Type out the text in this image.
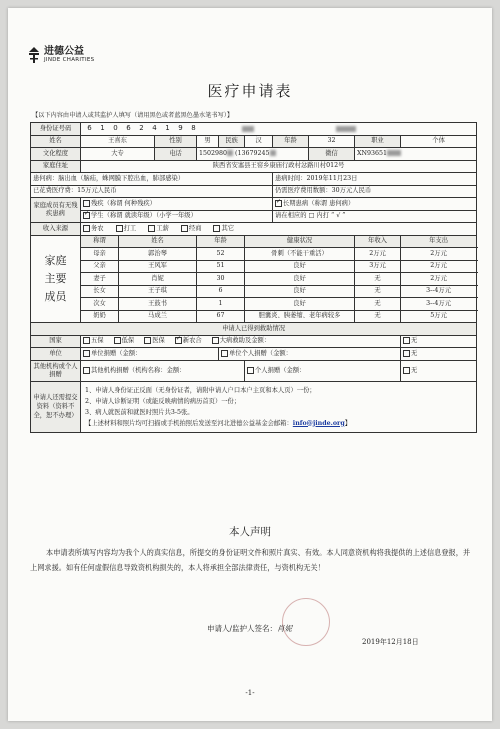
进德公益
JINDE CHARITIES
医疗申请表
【以下内容由申请人或其监护人填写（请用黑色或者蓝黑色墨水笔书写）】
身份证号码	6 1 0 6 2 4 1 9 8									
姓名	王喜东		性别	男	民族	汉	年龄	32	职业	个体
文化程度	大专		电话	1502980 (13679245				微信	XN93651	
家庭住址	陕西省安塞县王窑乡康庙行政村忿路川村012号									
患何病：脑出血（脑疝，蛛网膜下腔出血，肺部感染）							患病时间：2019年11月23日			
已花费医疗费：15万元人民币							仍需医疗费用数额：30万元人民币			
家庭成员有无残疾患病	残疾（称谓 何种残疾）	✓长期患病（称谓 患何病）
✓学生（称谓 就读年级）（小学一年级）						请在相应的 □ 内打 “ √ ”			
收入来源	务农 打工 工薪 经商 其它									
家庭主要成员	称谓	姓名		年龄		健康状况			年收入	年支出
	母亲	郭治琴		52		骨刺（不能干重活）			2万元	2万元
	父亲	王风军		51		良好			3万元	2万元
	妻子	肖妮		30		良好			无	2万元
	长女	王子琪		6		良好			无	3--4万元
	次女	王鼓书		1		良好			无	3--4万元
	奶奶	马成兰		67		胆囊炎、胰萎缩、老年病较多			无	5万元
申请人已得到救助情况										
国家	五保 低保 医保 ✓ 新农合 大病救助及金额：									无
单位	单位捐赠（金额：				单位个人捐赠（金额：					无
其他机构或个人捐赠	其他机构捐赠（机构名称：金额：					个人捐赠（金额：				无
申请人还需提交资料（资料不全，恕不办理）	1、申请人身份证正反面（无身份证者，请附申请人户口本户主页和本人页）一份；
2、申请人诊断证明（或能反映病情的病历首页）一份；
3、病人就医前和就医时照片共3-5张。
【上述材料和照片均可扫描或手机拍照后发送至河北进德公益基金会邮箱：info@jinde.org】									
本人声明
本申请表所填写内容均为我个人的真实信息，所提交的身份证明文件和照片真实、有效。本人同意资机构将我提供的上述信息登报，并上网求援。如有任何虚假信息导致资机构损失的，本人将承担全部法律责任，与资机构无关！
申请人/监护人签名：肖妮
2019年12月18日
-1-
